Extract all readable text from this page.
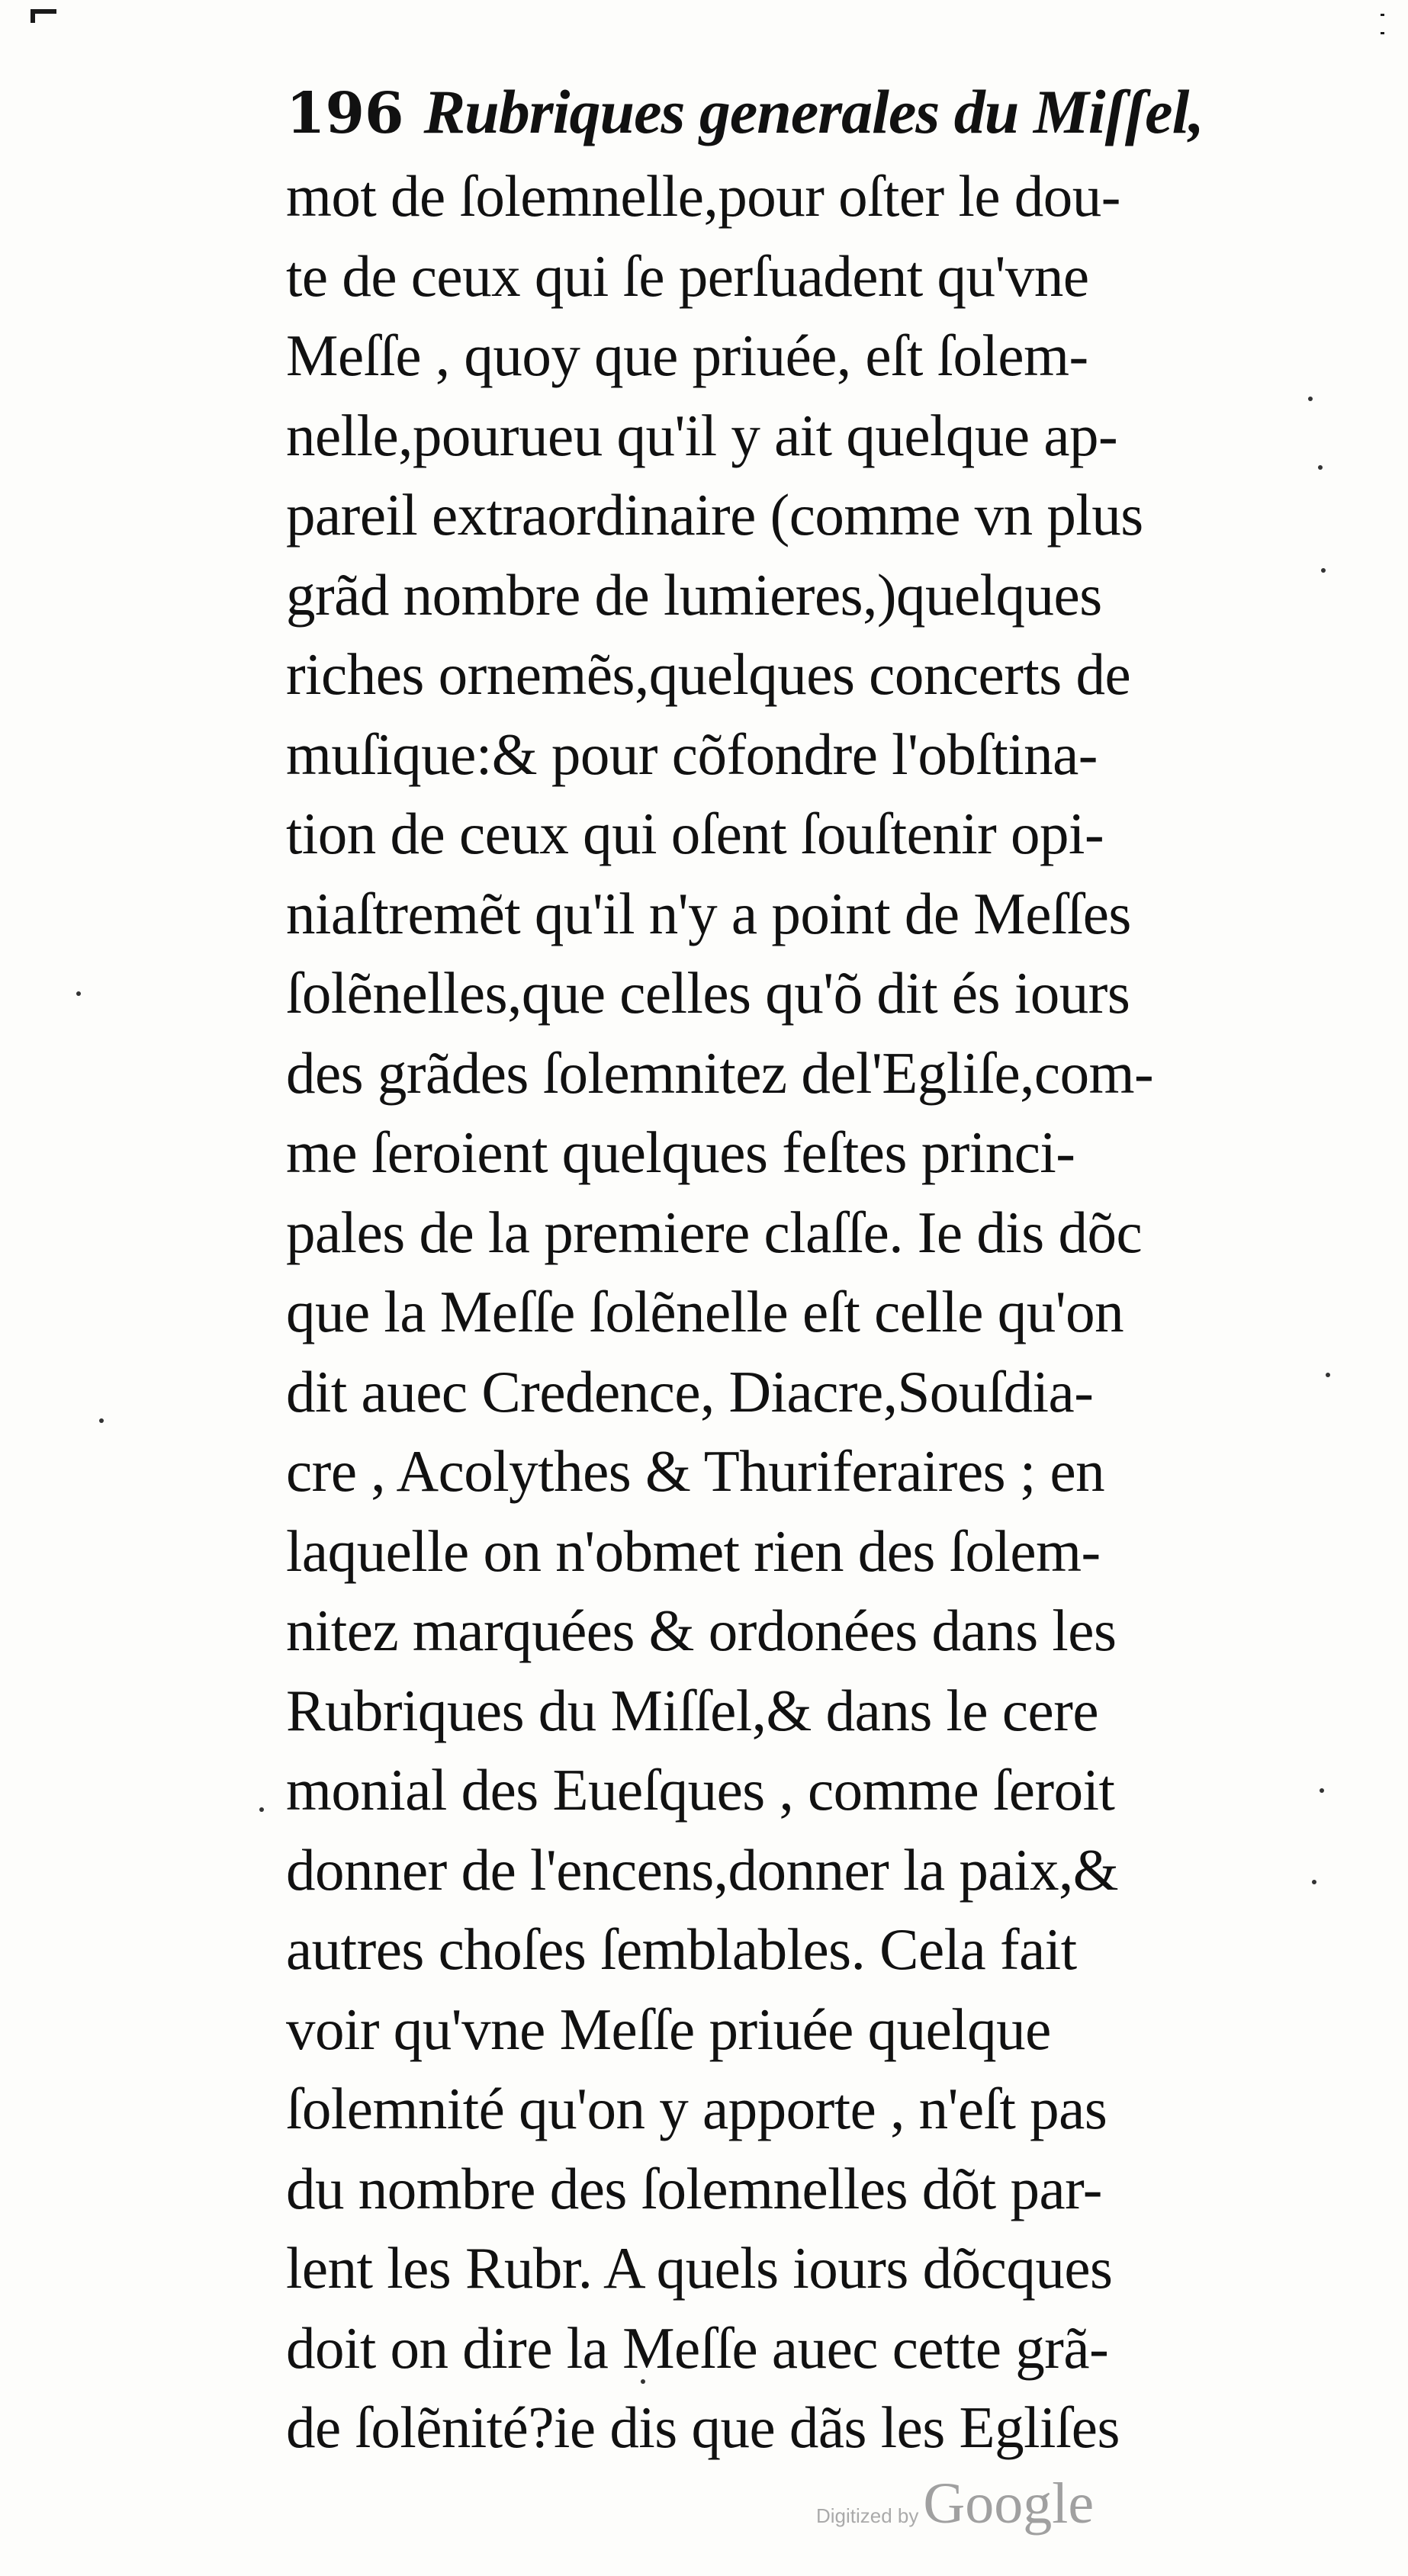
196 Rubriques generales du Miſſel,
mot de ſolemnelle,pour oſter le dou-
te de ceux qui ſe perſuadent qu'vne
Meſſe , quoy que priuée, eſt ſolem-
nelle,pourueu qu'il y ait quelque ap-
pareil extraordinaire (comme vn plus
grãd nombre de lumieres,)quelques
riches ornemẽs,quelques concerts de
muſique:& pour cõfondre l'obſtina-
tion de ceux qui oſent ſouſtenir opi-
niaſtremẽt qu'il n'y a point de Meſſes
ſolẽnelles,que celles qu'õ dit és iours
des grãdes ſolemnitez del'Egliſe,com-
me ſeroient quelques feſtes princi-
pales de la premiere claſſe. Ie dis dõc
que la Meſſe ſolẽnelle eſt celle qu'on
dit auec Credence, Diacre,Souſdia-
cre , Acolythes & Thuriferaires ; en
laquelle on n'obmet rien des ſolem-
nitez marquées & ordonées dans les
Rubriques du Miſſel,& dans le cere
monial des Eueſques , comme ſeroit
donner de l'encens,donner la paix,&
autres choſes ſemblables. Cela fait
voir qu'vne Meſſe priuée quelque
ſolemnité qu'on y apporte , n'eſt pas
du nombre des ſolemnelles dõt par-
lent les Rubr. A quels iours dõcques
doit on dire la Meſſe auec cette grã-
de ſolẽnité?ie dis que dãs les Egliſes
Digitized by Google
